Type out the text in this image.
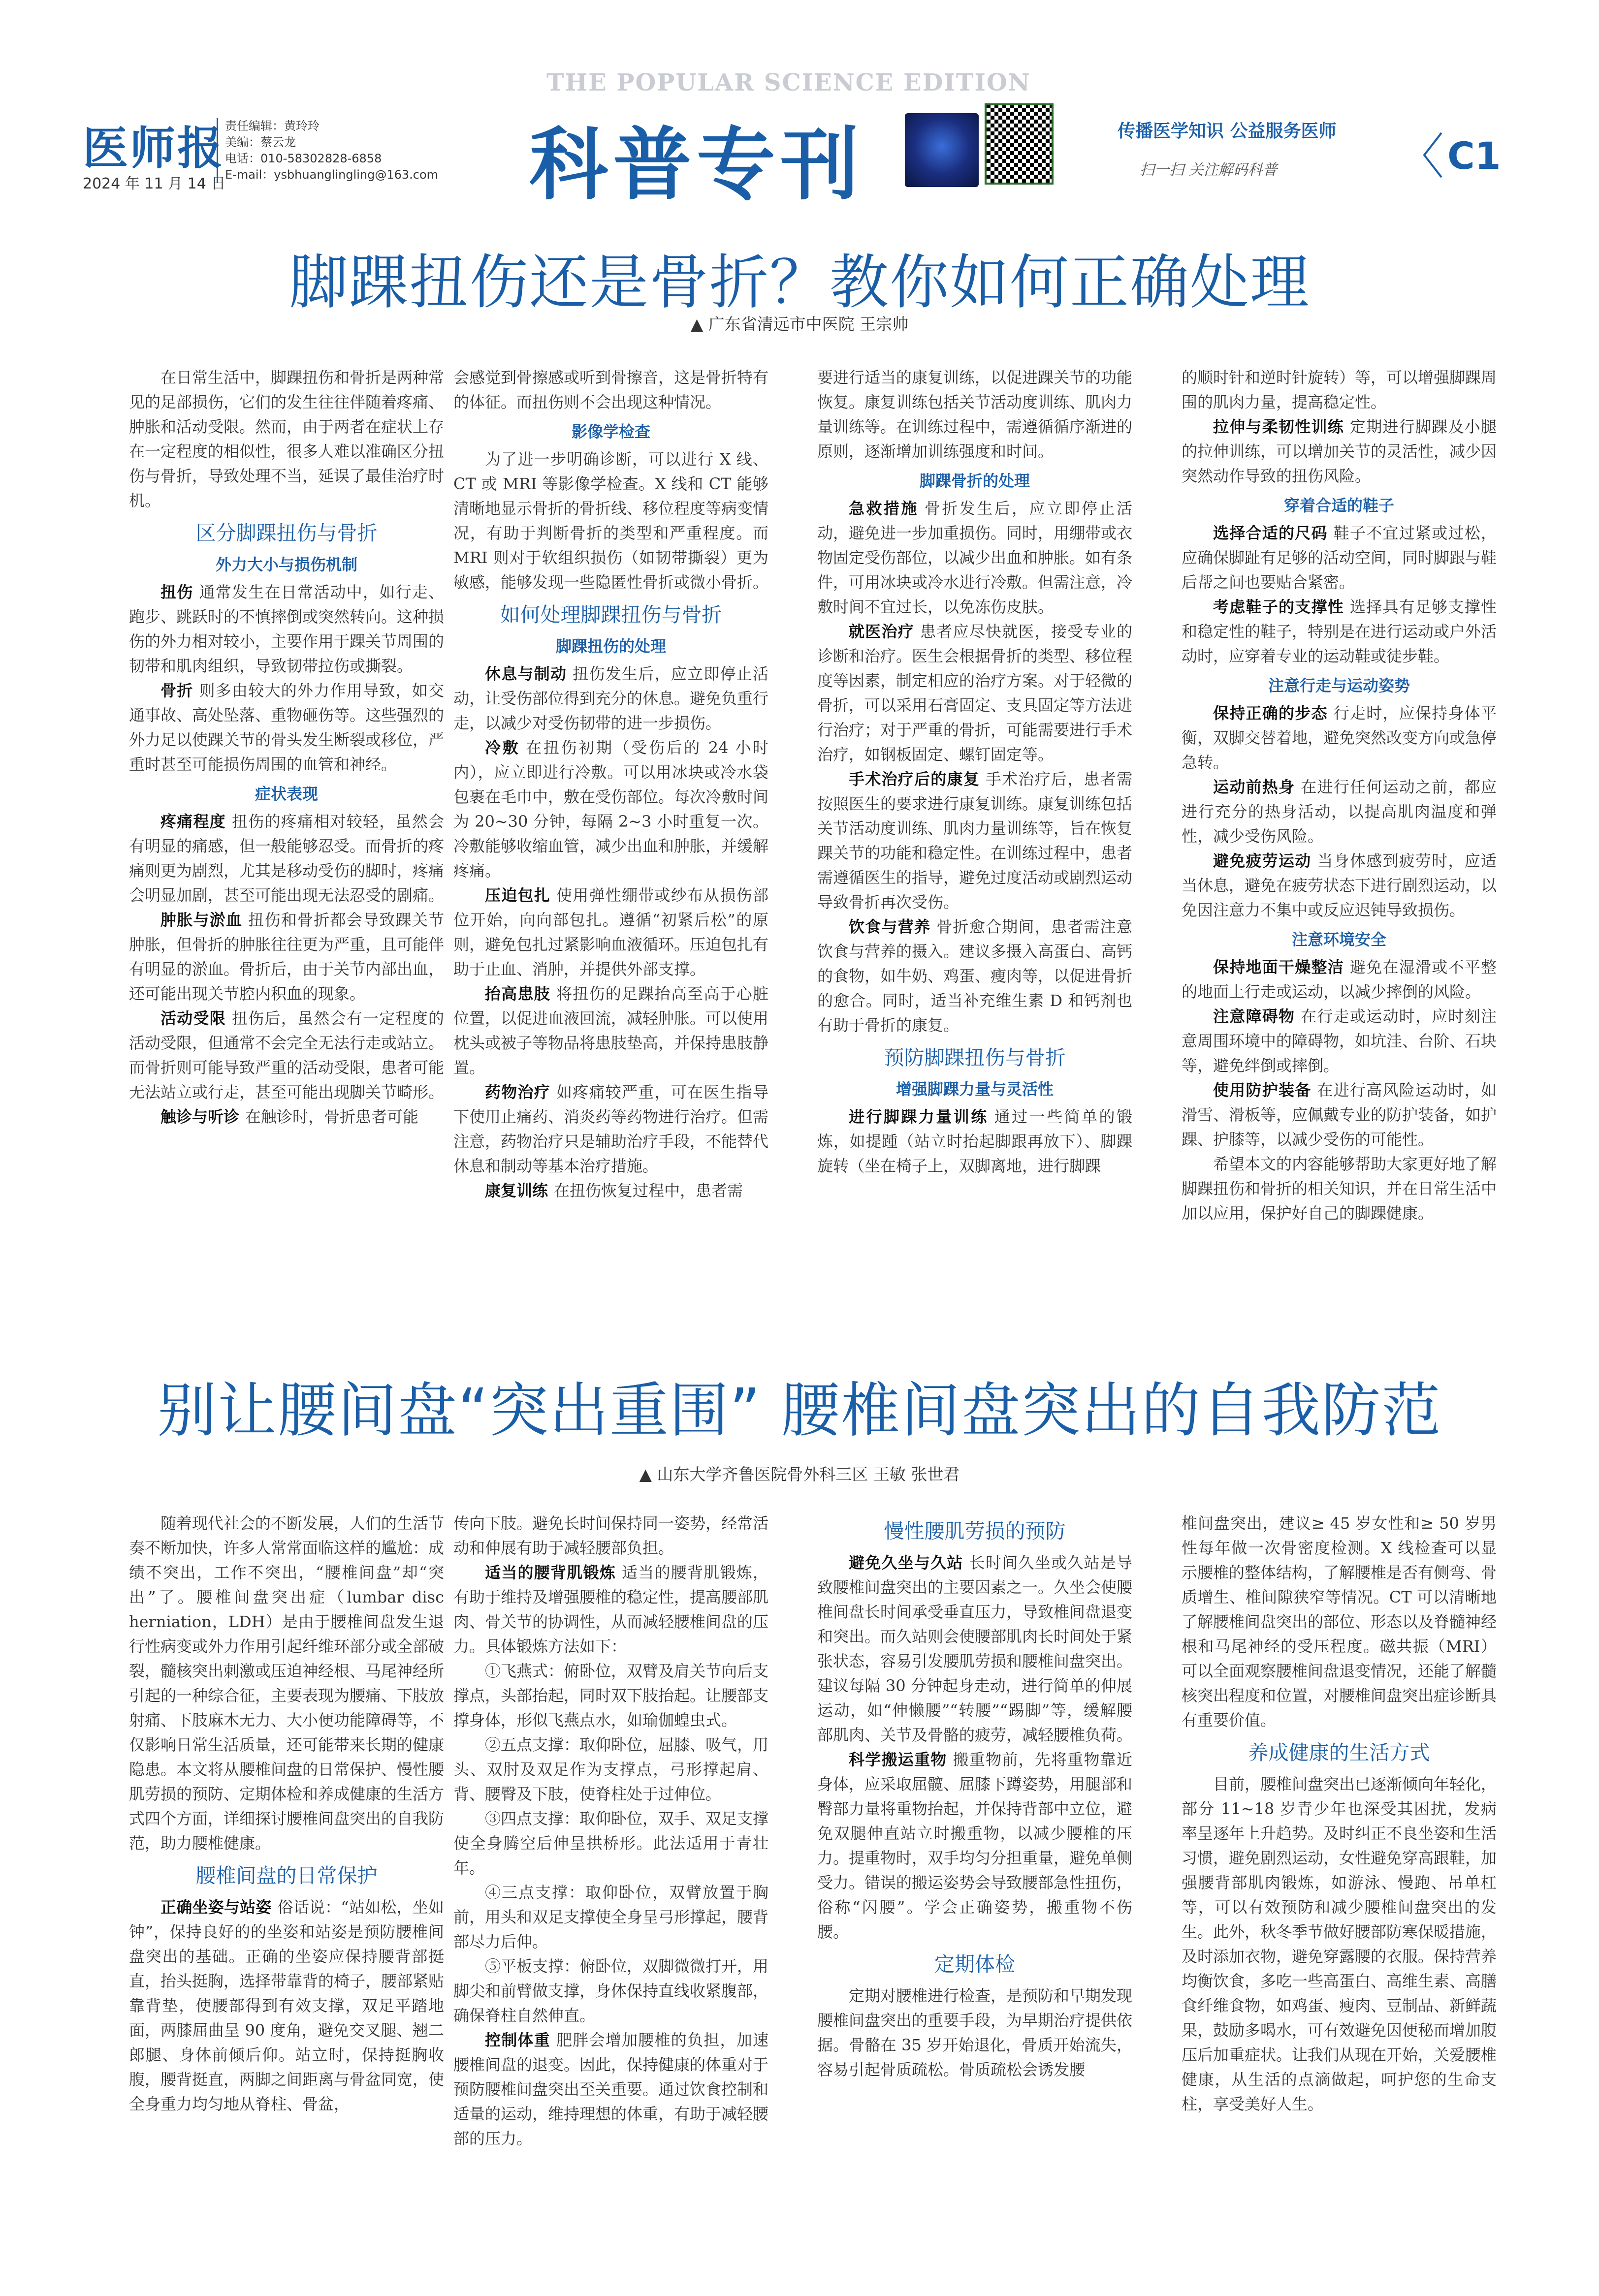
医师报
2024 年 11 月 14 日
责任编辑：黄玲玲
美编：蔡云龙
电话：010-58302828-6858
E-mail：ysbhuanglingling@163.com
THE POPULAR SCIENCE EDITION
科普专刊	传播医学知识 公益服务医师
扫一扫 关注解码科普	C1
脚踝扭伤还是骨折？教你如何正确处理
▲ 广东省清远市中医院 王宗帅
在日常生活中，脚踝扭伤和骨折是两种常见的足部损伤，它们的发生往往伴随着疼痛、肿胀和活动受限。然而，由于两者在症状上存在一定程度的相似性，很多人难以准确区分扭伤与骨折，导致处理不当，延误了最佳治疗时机。
区分脚踝扭伤与骨折
外力大小与损伤机制
扭伤 通常发生在日常活动中，如行走、跑步、跳跃时的不慎摔倒或突然转向。这种损伤的外力相对较小，主要作用于踝关节周围的韧带和肌肉组织，导致韧带拉伤或撕裂。
骨折 则多由较大的外力作用导致，如交通事故、高处坠落、重物砸伤等。这些强烈的外力足以使踝关节的骨头发生断裂或移位，严重时甚至可能损伤周围的血管和神经。
症状表现
疼痛程度 扭伤的疼痛相对较轻，虽然会有明显的痛感，但一般能够忍受。而骨折的疼痛则更为剧烈，尤其是移动受伤的脚时，疼痛会明显加剧，甚至可能出现无法忍受的剧痛。
肿胀与淤血 扭伤和骨折都会导致踝关节肿胀，但骨折的肿胀往往更为严重，且可能伴有明显的淤血。骨折后，由于关节内部出血，还可能出现关节腔内积血的现象。
活动受限 扭伤后，虽然会有一定程度的活动受限，但通常不会完全无法行走或站立。而骨折则可能导致严重的活动受限，患者可能无法站立或行走，甚至可能出现脚关节畸形。
触诊与听诊 在触诊时，骨折患者可能
会感觉到骨擦感或听到骨擦音，这是骨折特有的体征。而扭伤则不会出现这种情况。
影像学检查
为了进一步明确诊断，可以进行 X 线、CT 或 MRI 等影像学检查。X 线和 CT 能够清晰地显示骨折的骨折线、移位程度等病变情况，有助于判断骨折的类型和严重程度。而 MRI 则对于软组织损伤（如韧带撕裂）更为敏感，能够发现一些隐匿性骨折或微小骨折。
如何处理脚踝扭伤与骨折
脚踝扭伤的处理
休息与制动 扭伤发生后，应立即停止活动，让受伤部位得到充分的休息。避免负重行走，以减少对受伤韧带的进一步损伤。
冷敷 在扭伤初期（受伤后的 24 小时内），应立即进行冷敷。可以用冰块或冷水袋包裹在毛巾中，敷在受伤部位。每次冷敷时间为 20~30 分钟，每隔 2~3 小时重复一次。冷敷能够收缩血管，减少出血和肿胀，并缓解疼痛。
压迫包扎 使用弹性绷带或纱布从损伤部位开始，向向部包扎。遵循“初紧后松”的原则，避免包扎过紧影响血液循环。压迫包扎有助于止血、消肿，并提供外部支撑。
抬高患肢 将扭伤的足踝抬高至高于心脏位置，以促进血液回流，减轻肿胀。可以使用枕头或被子等物品将患肢垫高，并保持患肢静置。
药物治疗 如疼痛较严重，可在医生指导下使用止痛药、消炎药等药物进行治疗。但需注意，药物治疗只是辅助治疗手段，不能替代休息和制动等基本治疗措施。
康复训练 在扭伤恢复过程中，患者需
要进行适当的康复训练，以促进踝关节的功能恢复。康复训练包括关节活动度训练、肌肉力量训练等。在训练过程中，需遵循循序渐进的原则，逐渐增加训练强度和时间。
脚踝骨折的处理
急救措施 骨折发生后，应立即停止活动，避免进一步加重损伤。同时，用绷带或衣物固定受伤部位，以减少出血和肿胀。如有条件，可用冰块或冷水进行冷敷。但需注意，冷敷时间不宜过长，以免冻伤皮肤。
就医治疗 患者应尽快就医，接受专业的诊断和治疗。医生会根据骨折的类型、移位程度等因素，制定相应的治疗方案。对于轻微的骨折，可以采用石膏固定、支具固定等方法进行治疗；对于严重的骨折，可能需要进行手术治疗，如钢板固定、螺钉固定等。
手术治疗后的康复 手术治疗后，患者需按照医生的要求进行康复训练。康复训练包括关节活动度训练、肌肉力量训练等，旨在恢复踝关节的功能和稳定性。在训练过程中，患者需遵循医生的指导，避免过度活动或剧烈运动导致骨折再次受伤。
饮食与营养 骨折愈合期间，患者需注意饮食与营养的摄入。建议多摄入高蛋白、高钙的食物，如牛奶、鸡蛋、瘦肉等，以促进骨折的愈合。同时，适当补充维生素 D 和钙剂也有助于骨折的康复。
预防脚踝扭伤与骨折
增强脚踝力量与灵活性
进行脚踝力量训练 通过一些简单的锻炼，如提踵（站立时抬起脚跟再放下）、脚踝旋转（坐在椅子上，双脚离地，进行脚踝
的顺时针和逆时针旋转）等，可以增强脚踝周围的肌肉力量，提高稳定性。
拉伸与柔韧性训练 定期进行脚踝及小腿的拉伸训练，可以增加关节的灵活性，减少因突然动作导致的扭伤风险。
穿着合适的鞋子
选择合适的尺码 鞋子不宜过紧或过松，应确保脚趾有足够的活动空间，同时脚跟与鞋后帮之间也要贴合紧密。
考虑鞋子的支撑性 选择具有足够支撑性和稳定性的鞋子，特别是在进行运动或户外活动时，应穿着专业的运动鞋或徒步鞋。
注意行走与运动姿势
保持正确的步态 行走时，应保持身体平衡，双脚交替着地，避免突然改变方向或急停急转。
运动前热身 在进行任何运动之前，都应进行充分的热身活动，以提高肌肉温度和弹性，减少受伤风险。
避免疲劳运动 当身体感到疲劳时，应适当休息，避免在疲劳状态下进行剧烈运动，以免因注意力不集中或反应迟钝导致损伤。
注意环境安全
保持地面干燥整洁 避免在湿滑或不平整的地面上行走或运动，以减少摔倒的风险。
注意障碍物 在行走或运动时，应时刻注意周围环境中的障碍物，如坑洼、台阶、石块等，避免绊倒或摔倒。
使用防护装备 在进行高风险运动时，如滑雪、滑板等，应佩戴专业的防护装备，如护踝、护膝等，以减少受伤的可能性。
希望本文的内容能够帮助大家更好地了解脚踝扭伤和骨折的相关知识，并在日常生活中加以应用，保护好自己的脚踝健康。
别让腰间盘“突出重围” 腰椎间盘突出的自我防范
▲ 山东大学齐鲁医院骨外科三区 王敏 张世君
随着现代社会的不断发展，人们的生活节奏不断加快，许多人常常面临这样的尴尬：成绩不突出，工作不突出，“腰椎间盘”却“突出”了。腰椎间盘突出症（lumbar disc herniation，LDH）是由于腰椎间盘发生退行性病变或外力作用引起纤维环部分或全部破裂，髓核突出刺激或压迫神经根、马尾神经所引起的一种综合征，主要表现为腰痛、下肢放射痛、下肢麻木无力、大小便功能障碍等，不仅影响日常生活质量，还可能带来长期的健康隐患。本文将从腰椎间盘的日常保护、慢性腰肌劳损的预防、定期体检和养成健康的生活方式四个方面，详细探讨腰椎间盘突出的自我防范，助力腰椎健康。
腰椎间盘的日常保护
正确坐姿与站姿 俗话说：“站如松，坐如钟”，保持良好的的坐姿和站姿是预防腰椎间盘突出的基础。正确的坐姿应保持腰背部挺直，抬头挺胸，选择带靠背的椅子，腰部紧贴靠背垫，使腰部得到有效支撑，双足平踏地面，两膝屈曲呈 90 度角，避免交叉腿、翘二郎腿、身体前倾后仰。站立时，保持挺胸收腹，腰背挺直，两脚之间距离与骨盆同宽，使全身重力均匀地从脊柱、骨盆，
传向下肢。避免长时间保持同一姿势，经常活动和伸展有助于减轻腰部负担。
适当的腰背肌锻炼 适当的腰背肌锻炼，有助于维持及增强腰椎的稳定性，提高腰部肌肉、骨关节的协调性，从而减轻腰椎间盘的压力。具体锻炼方法如下：
①飞燕式：俯卧位，双臂及肩关节向后支撑点，头部抬起，同时双下肢抬起。让腰部支撑身体，形似飞燕点水，如瑜伽蝗虫式。
②五点支撑：取仰卧位，屈膝、吸气，用头、双肘及双足作为支撑点，弓形撑起肩、背、腰臀及下肢，使脊柱处于过伸位。
③四点支撑：取仰卧位，双手、双足支撑使全身腾空后伸呈拱桥形。此法适用于青壮年。
④三点支撑：取仰卧位，双臂放置于胸前，用头和双足支撑使全身呈弓形撑起，腰背部尽力后伸。
⑤平板支撑：俯卧位，双脚微微打开，用脚尖和前臂做支撑，身体保持直线收紧腹部，确保脊柱自然伸直。
控制体重 肥胖会增加腰椎的负担，加速腰椎间盘的退变。因此，保持健康的体重对于预防腰椎间盘突出至关重要。通过饮食控制和适量的运动，维持理想的体重，有助于减轻腰部的压力。
慢性腰肌劳损的预防
避免久坐与久站 长时间久坐或久站是导致腰椎间盘突出的主要因素之一。久坐会使腰椎间盘长时间承受垂直压力，导致椎间盘退变和突出。而久站则会使腰部肌肉长时间处于紧张状态，容易引发腰肌劳损和腰椎间盘突出。建议每隔 30 分钟起身走动，进行简单的伸展运动，如“伸懒腰”“转腰”“踢脚”等，缓解腰部肌肉、关节及骨骼的疲劳，减轻腰椎负荷。
科学搬运重物 搬重物前，先将重物靠近身体，应采取屈髋、屈膝下蹲姿势，用腿部和臀部力量将重物抬起，并保持背部中立位，避免双腿伸直站立时搬重物，以减少腰椎的压力。提重物时，双手均匀分担重量，避免单侧受力。错误的搬运姿势会导致腰部急性扭伤，俗称“闪腰”。学会正确姿势，搬重物不伤腰。
定期体检
定期对腰椎进行检查，是预防和早期发现腰椎间盘突出的重要手段，为早期治疗提供依据。骨骼在 35 岁开始退化，骨质开始流失，容易引起骨质疏松。骨质疏松会诱发腰
椎间盘突出，建议≥ 45 岁女性和≥ 50 岁男性每年做一次骨密度检测。X 线检查可以显示腰椎的整体结构，了解腰椎是否有侧弯、骨质增生、椎间隙狭窄等情况。CT 可以清晰地了解腰椎间盘突出的部位、形态以及脊髓神经根和马尾神经的受压程度。磁共振（MRI）可以全面观察腰椎间盘退变情况，还能了解髓核突出程度和位置，对腰椎间盘突出症诊断具有重要价值。
养成健康的生活方式
目前，腰椎间盘突出已逐渐倾向年轻化，部分 11~18 岁青少年也深受其困扰，发病率呈逐年上升趋势。及时纠正不良坐姿和生活习惯，避免剧烈运动，女性避免穿高跟鞋，加强腰背部肌肉锻炼，如游泳、慢跑、吊单杠等，可以有效预防和减少腰椎间盘突出的发生。此外，秋冬季节做好腰部防寒保暖措施，及时添加衣物，避免穿露腰的衣服。保持营养均衡饮食，多吃一些高蛋白、高维生素、高膳食纤维食物，如鸡蛋、瘦肉、豆制品、新鲜蔬果，鼓励多喝水，可有效避免因便秘而增加腹压后加重症状。让我们从现在开始，关爱腰椎健康，从生活的点滴做起，呵护您的生命支柱，享受美好人生。
